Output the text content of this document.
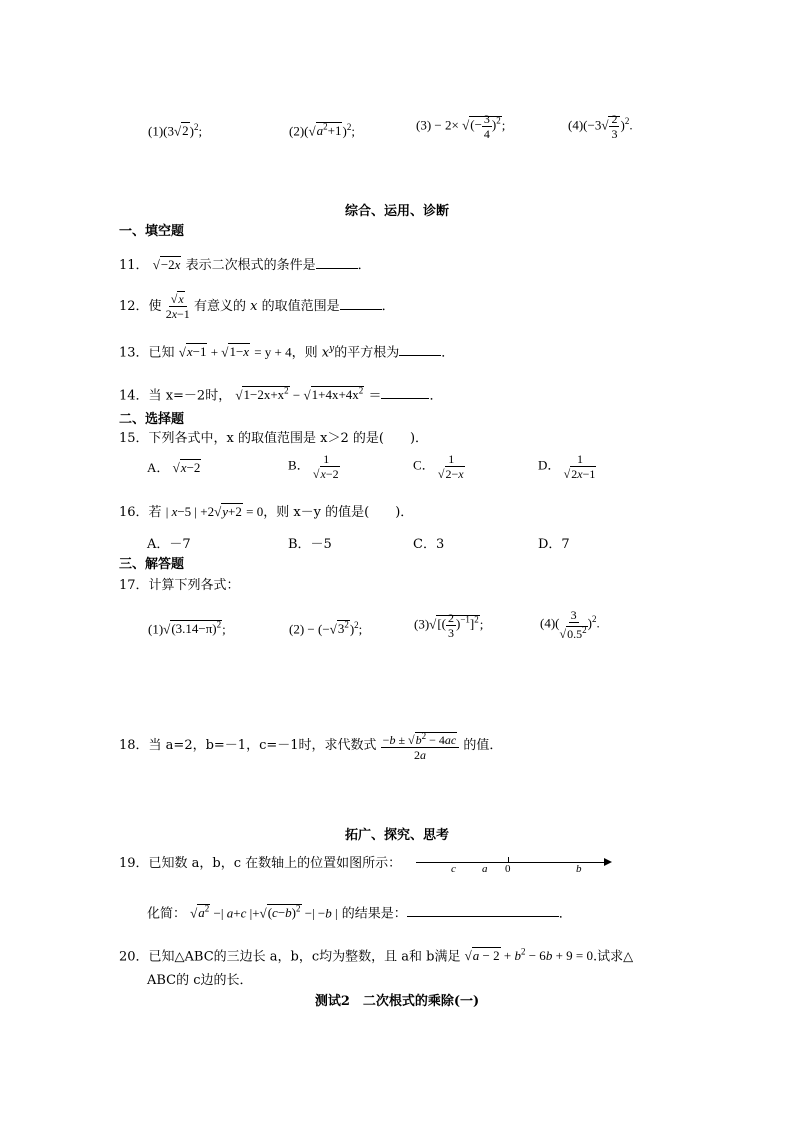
$(1)(3√2)^2$;	$(2)(√a^2+1)^2$;	(3) − 2× √(− $\frac{3}{4} )^2$;	$(4)(-3√ \frac{2}{3} )^2$.
综合、运用、诊断
一、填空题
11． √−2x 表示二次根式的条件是	．
12．使 $\frac{√x}{2x-1}$ 有意义的 x 的取值范围是	．
13．已知 √x−1 + √1−x = y + 4，则 $x^y$的平方根为	．
14．当 x=－2时， $√1-2x+x^2 - √1+4x+4x^2$ ＝	．
二、选择题
15．下列各式中，x 的取值范围是 x＞2 的是(　　)．
A． √x−2	B． $\frac{1}{√x-2}$	C． $\frac{1}{√2-x}$	D． $\frac{1}{√2x-1}$
16．若 | x−5 | +2√y+2 = 0，则 x－y 的值是(　　)．
A．－7	B．－5	C．3	D．7
三、解答题
17．计算下列各式：
$(1)√(3.14-\pi)^2$;	$(2) - (-√3^2)^2$;	$(3)√[( \frac{2}{3} )^{-1}]^2$;	$(4)( \frac{3}{√0.5^2} )^2$.
18．当 a=2，b=－1，c=－1时，求代数式 $\frac{-b \pm √b^2 - 4ac}{2a}$ 的值．
拓广、探究、思考
19．已知数 a，b，c 在数轴上的位置如图所示：	c a 0	b
化简： $√a^2$ −| a+c $|+√(c-b)^2$ −| −b | 的结果是：	．
20．已知△ABC的三边长 a，b，c均为整数，且 a和 b满足 $√a - 2 + b^2 - 6b + 9 = 0$.试求△
ABC的 c边的长．
测试2　二次根式的乘除(一)
